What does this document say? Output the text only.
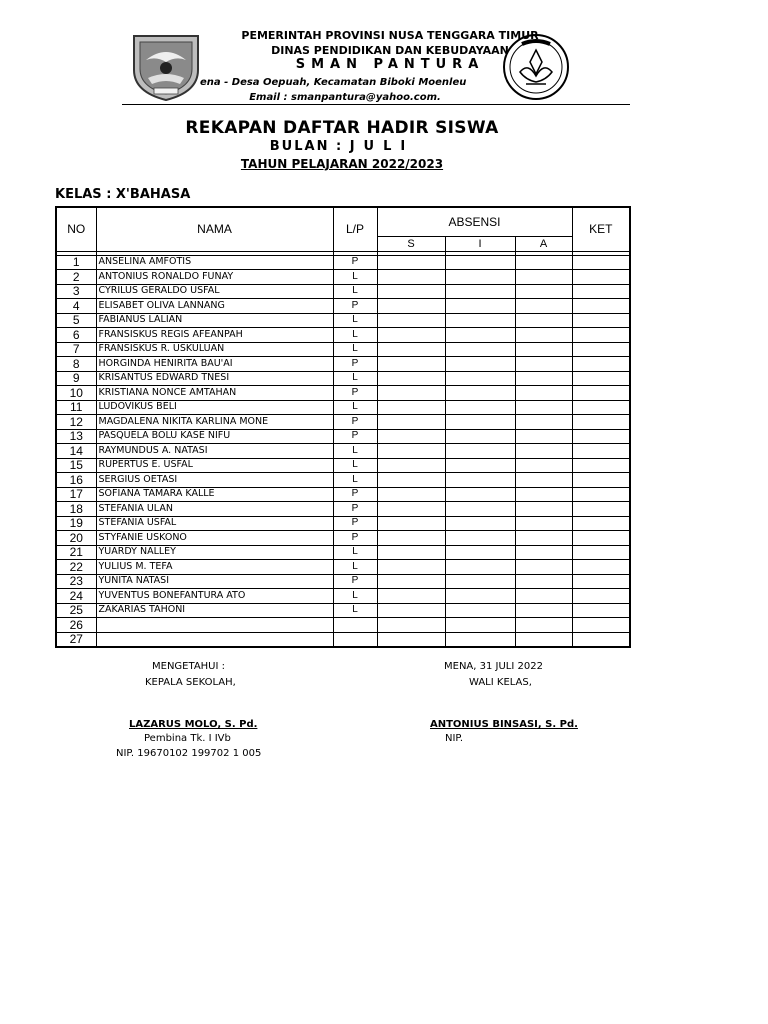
PEMERINTAH PROVINSI NUSA TENGGARA TIMUR
DINAS PENDIDIKAN DAN KEBUDAYAAN
SMAN PANTURA
ena - Desa Oepuah, Kecamatan Biboki Moenleu
Email : smanpantura@yahoo.com.
REKAPAN DAFTAR HADIR SISWA
BULAN : JULI
TAHUN PELAJARAN 2022/2023
KELAS : X'BAHASA
NO	NAMA	L/P	ABSENSI			KET
			S	I	A	

1	ANSELINA AMFOTIS	P				
2	ANTONIUS RONALDO FUNAY	L				
3	CYRILUS GERALDO USFAL	L				
4	ELISABET OLIVA LANNANG	P				
5	FABIANUS LALIAN	L				
6	FRANSISKUS REGIS AFEANPAH	L				
7	FRANSISKUS R. USKULUAN	L				
8	HORGINDA HENIRITA BAU'AI	P				
9	KRISANTUS EDWARD TNESI	L				
10	KRISTIANA NONCE AMTAHAN	P				
11	LUDOVIKUS BELI	L				
12	MAGDALENA NIKITA KARLINA MONE	P				
13	PASQUELA BOLU KASE NIFU	P				
14	RAYMUNDUS A. NATASI	L				
15	RUPERTUS E. USFAL	L				
16	SERGIUS OETASI	L				
17	SOFIANA TAMARA KALLE	P				
18	STEFANIA ULAN	P				
19	STEFANIA USFAL	P				
20	STYFANIE USKONO	P				
21	YUARDY NALLEY	L				
22	YULIUS M. TEFA	L				
23	YUNITA NATASI	P				
24	YUVENTUS BONEFANTURA ATO	L				
25	ZAKARIAS TAHONI	L				
26						
27						
MENGETAHUI :
KEPALA SEKOLAH,
LAZARUS MOLO, S. Pd.
Pembina Tk. I IVb
NIP. 19670102 199702 1 005
MENA, 31 JULI 2022
WALI KELAS,
ANTONIUS BINSASI, S. Pd.
NIP.
